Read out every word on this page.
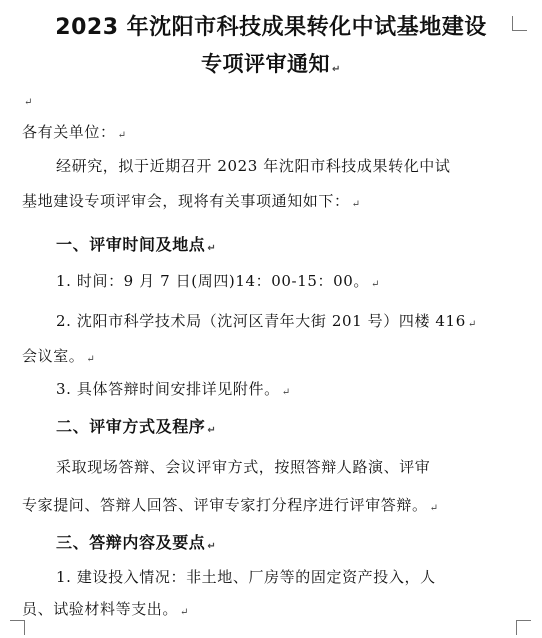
2023 年沈阳市科技成果转化中试基地建设
专项评审通知 ↵
↵
各有关单位： ↵
经研究，拟于近期召开 2023 年沈阳市科技成果转化中试
基地建设专项评审会，现将有关事项通知如下： ↵
一、评审时间及地点 ↵
1. 时间：9 月 7 日(周四)14：00-15：00。 ↵
2. 沈阳市科学技术局（沈河区青年大街 201 号）四楼 416 ↵
会议室。 ↵
3. 具体答辩时间安排详见附件。 ↵
二、评审方式及程序 ↵
采取现场答辩、会议评审方式，按照答辩人路演、评审
专家提问、答辩人回答、评审专家打分程序进行评审答辩。 ↵
三、答辩内容及要点 ↵
1. 建设投入情况：非土地、厂房等的固定资产投入，人
员、试验材料等支出。 ↵
